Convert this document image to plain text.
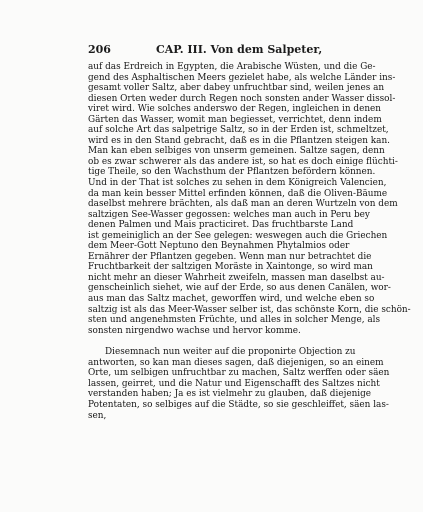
206	CAP. III. Von dem Salpeter,
auf das Erdreich in Egypten, die Arabische Wüsten, und die Ge-
gend des Asphaltischen Meers gezielet habe, als welche Länder ins-
gesamt voller Saltz, aber dabey unfruchtbar sind, weilen jenes an
diesen Orten weder durch Regen noch sonsten ander Wasser dissol-
viret wird. Wie solches anderswo der Regen, ingleichen in denen
Gärten das Wasser, womit man begiesset, verrichtet, denn indem
auf solche Art das salpetrige Saltz, so in der Erden ist, schmeltzet,
wird es in den Stand gebracht, daß es in die Pflantzen steigen kan.
Man kan eben selbiges von unserm gemeinen. Saltze sagen, denn
ob es zwar schwerer als das andere ist, so hat es doch einige flüchti-
tige Theile, so den Wachsthum der Pflantzen befördern können.
Und in der That ist solches zu sehen in dem Königreich Valencien,
da man kein besser Mittel erfinden können, daß die Oliven-Bäume
daselbst mehrere brächten, als daß man an deren Wurtzeln von dem
saltzigen See-Wasser gegossen: welches man auch in Peru bey
denen Palmen und Mais practiciret. Das fruchtbarste Land
ist gemeiniglich an der See gelegen: weswegen auch die Griechen
dem Meer-Gott Neptuno den Beynahmen Phytalmios oder
Ernährer der Pflantzen gegeben. Wenn man nur betrachtet die
Fruchtbarkeit der saltzigen Moräste in Xaintonge, so wird man
nicht mehr an dieser Wahrheit zweifeln, massen man daselbst au-
genscheinlich siehet, wie auf der Erde, so aus denen Canälen, wor-
aus man das Saltz machet, geworffen wird, und welche eben so
saltzig ist als das Meer-Wasser selber ist, das schönste Korn, die schön-
sten und angenehmsten Früchte, und alles in solcher Menge, als
sonsten nirgendwo wachse und hervor komme.
Diesemnach nun weiter auf die proponirte Objection zu
antworten, so kan man dieses sagen, daß diejenigen, so an einem
Orte, um selbigen unfruchtbar zu machen, Saltz werffen oder säen
lassen, geirret, und die Natur und Eigenschafft des Saltzes nicht
verstanden haben; Ja es ist vielmehr zu glauben, daß diejenige
Potentaten, so selbiges auf die Städte, so sie geschleiffet, säen las-
sen,
